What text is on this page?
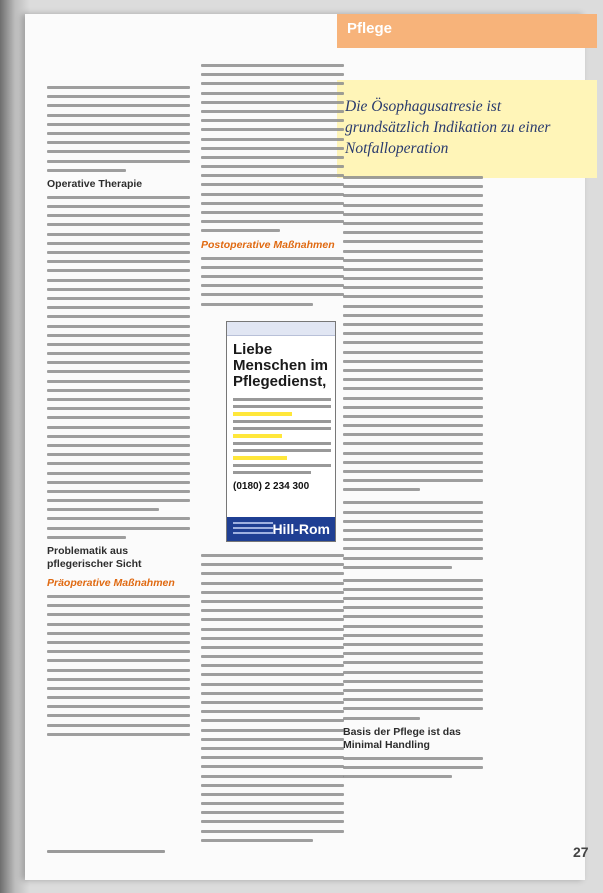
Pflege
Die Ösophagusatresie ist grundsätzlich Indikation zu einer Notfalloperation
Operative Therapie
Problematik aus pflegerischer Sicht
Präoperative Maßnahmen
Postoperative Maßnahmen
Liebe Menschen im Pflegedienst,
(0180) 2 234 300
Hill-Rom
Basis der Pflege ist das Minimal Handling
27
